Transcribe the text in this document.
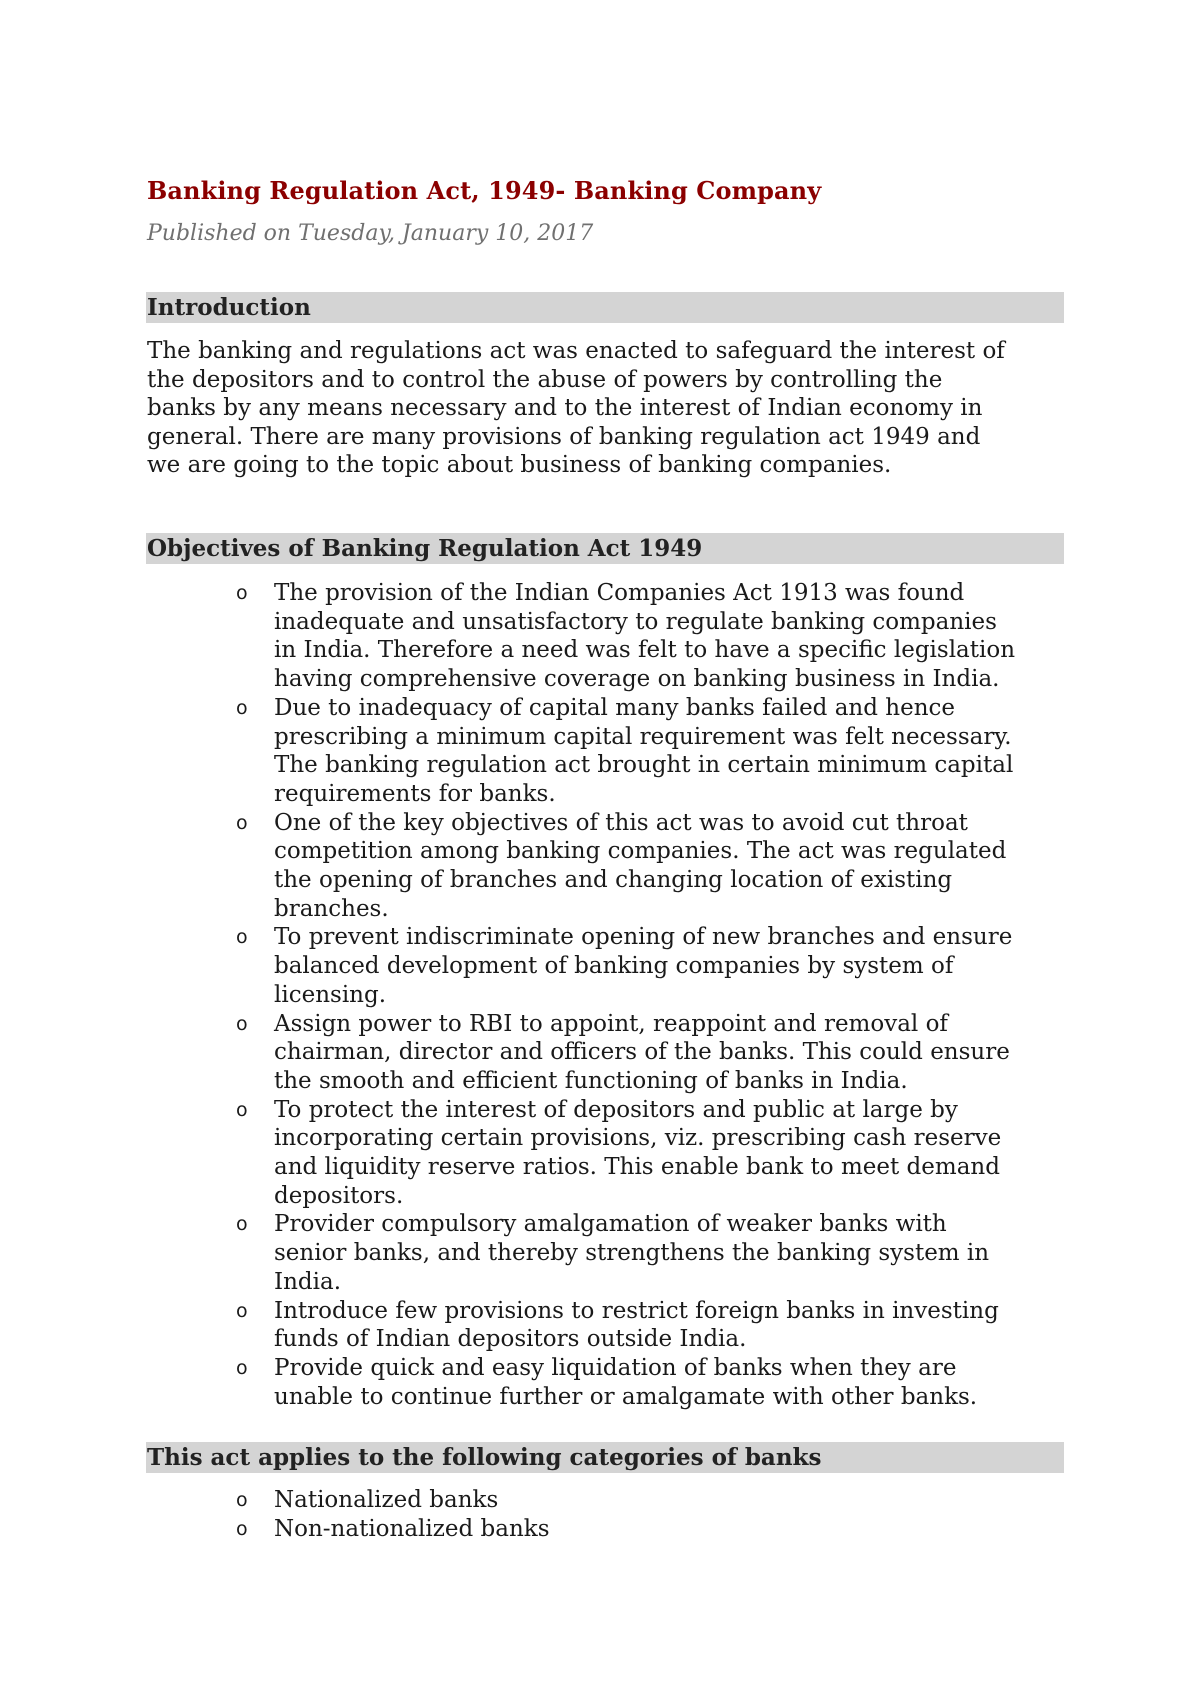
Banking Regulation Act, 1949- Banking Company
Published on Tuesday, January 10, 2017
Introduction
The banking and regulations act was enacted to safeguard the interest of
the depositors and to control the abuse of powers by controlling the
banks by any means necessary and to the interest of Indian economy in
general. There are many provisions of banking regulation act 1949 and
we are going to the topic about business of banking companies.
Objectives of Banking Regulation Act 1949
o The provision of the Indian Companies Act 1913 was found
inadequate and unsatisfactory to regulate banking companies
in India. Therefore a need was felt to have a specific legislation
having comprehensive coverage on banking business in India.
o Due to inadequacy of capital many banks failed and hence
prescribing a minimum capital requirement was felt necessary.
The banking regulation act brought in certain minimum capital
requirements for banks.
o One of the key objectives of this act was to avoid cut throat
competition among banking companies. The act was regulated
the opening of branches and changing location of existing
branches.
o To prevent indiscriminate opening of new branches and ensure
balanced development of banking companies by system of
licensing.
o Assign power to RBI to appoint, reappoint and removal of
chairman, director and officers of the banks. This could ensure
the smooth and efficient functioning of banks in India.
o To protect the interest of depositors and public at large by
incorporating certain provisions, viz. prescribing cash reserve
and liquidity reserve ratios. This enable bank to meet demand
depositors.
o Provider compulsory amalgamation of weaker banks with
senior banks, and thereby strengthens the banking system in
India.
o Introduce few provisions to restrict foreign banks in investing
funds of Indian depositors outside India.
o Provide quick and easy liquidation of banks when they are
unable to continue further or amalgamate with other banks.
This act applies to the following categories of banks
o Nationalized banks
o Non-nationalized banks
